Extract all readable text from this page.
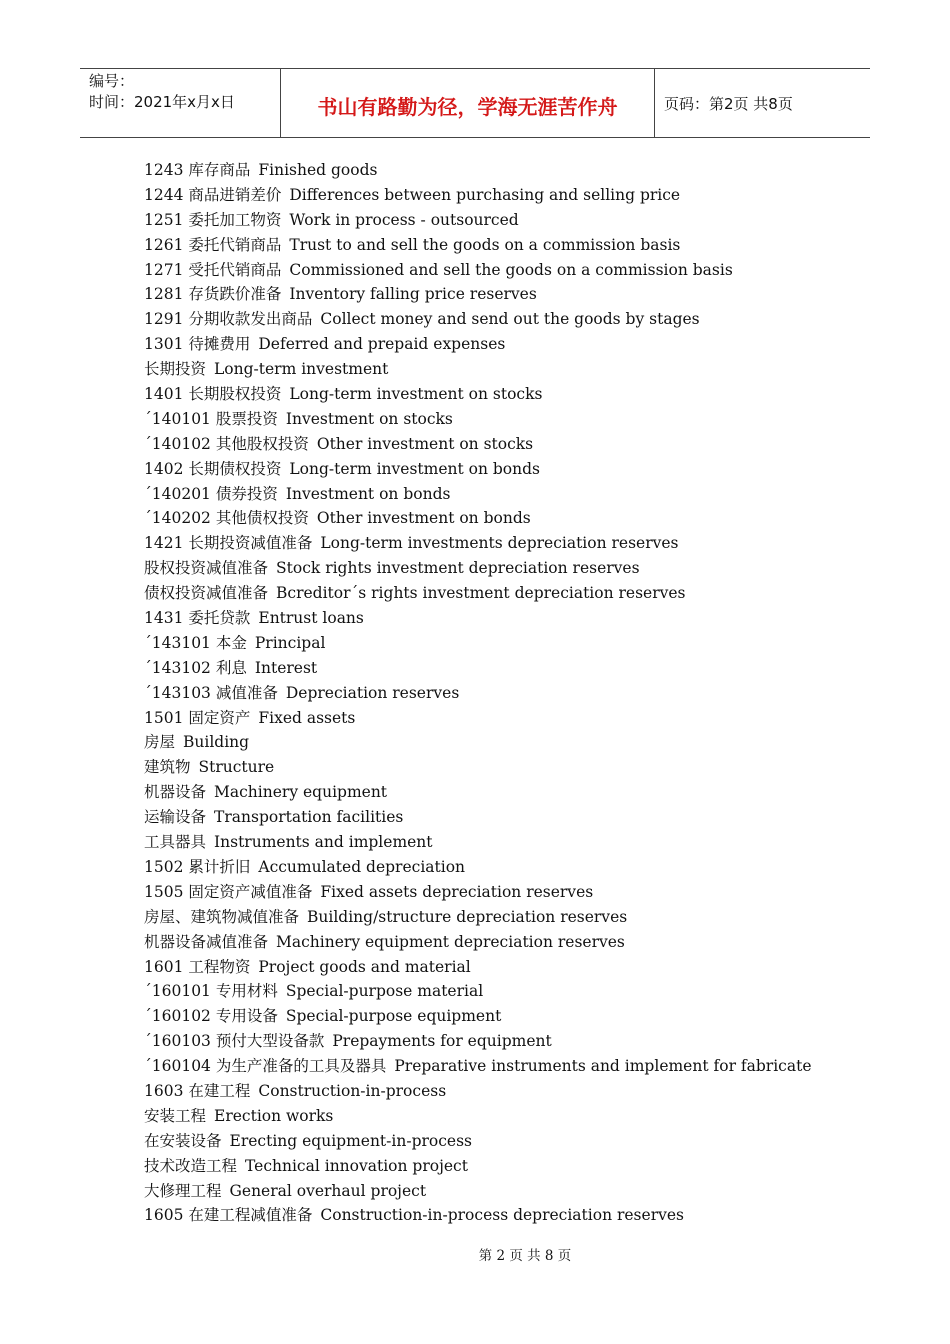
编号：
时间：2021年x月x日	书山有路勤为径，学海无涯苦作舟	页码：第2页 共8页
1243 库存商品 Finished goods
1244 商品进销差价 Differences between purchasing and selling price
1251 委托加工物资 Work in process - outsourced
1261 委托代销商品 Trust to and sell the goods on a commission basis
1271 受托代销商品 Commissioned and sell the goods on a commission basis
1281 存货跌价准备 Inventory falling price reserves
1291 分期收款发出商品 Collect money and send out the goods by stages
1301 待摊费用 Deferred and prepaid expenses
长期投资 Long-term investment
1401 长期股权投资 Long-term investment on stocks
´140101 股票投资 Investment on stocks
´140102 其他股权投资 Other investment on stocks
1402 长期债权投资 Long-term investment on bonds
´140201 债券投资 Investment on bonds
´140202 其他债权投资 Other investment on bonds
1421 长期投资减值准备 Long-term investments depreciation reserves
股权投资减值准备 Stock rights investment depreciation reserves
债权投资减值准备 Bcreditor´s rights investment depreciation reserves
1431 委托贷款 Entrust loans
´143101 本金 Principal
´143102 利息 Interest
´143103 减值准备 Depreciation reserves
1501 固定资产 Fixed assets
房屋 Building
建筑物 Structure
机器设备 Machinery equipment
运输设备 Transportation facilities
工具器具 Instruments and implement
1502 累计折旧 Accumulated depreciation
1505 固定资产减值准备 Fixed assets depreciation reserves
房屋、建筑物减值准备 Building/structure depreciation reserves
机器设备减值准备 Machinery equipment depreciation reserves
1601 工程物资 Project goods and material
´160101 专用材料 Special-purpose material
´160102 专用设备 Special-purpose equipment
´160103 预付大型设备款 Prepayments for equipment
´160104 为生产准备的工具及器具 Preparative instruments and implement for fabricate
1603 在建工程 Construction-in-process
安装工程 Erection works
在安装设备 Erecting equipment-in-process
技术改造工程 Technical innovation project
大修理工程 General overhaul project
1605 在建工程减值准备 Construction-in-process depreciation reserves
第 2 页 共 8 页
